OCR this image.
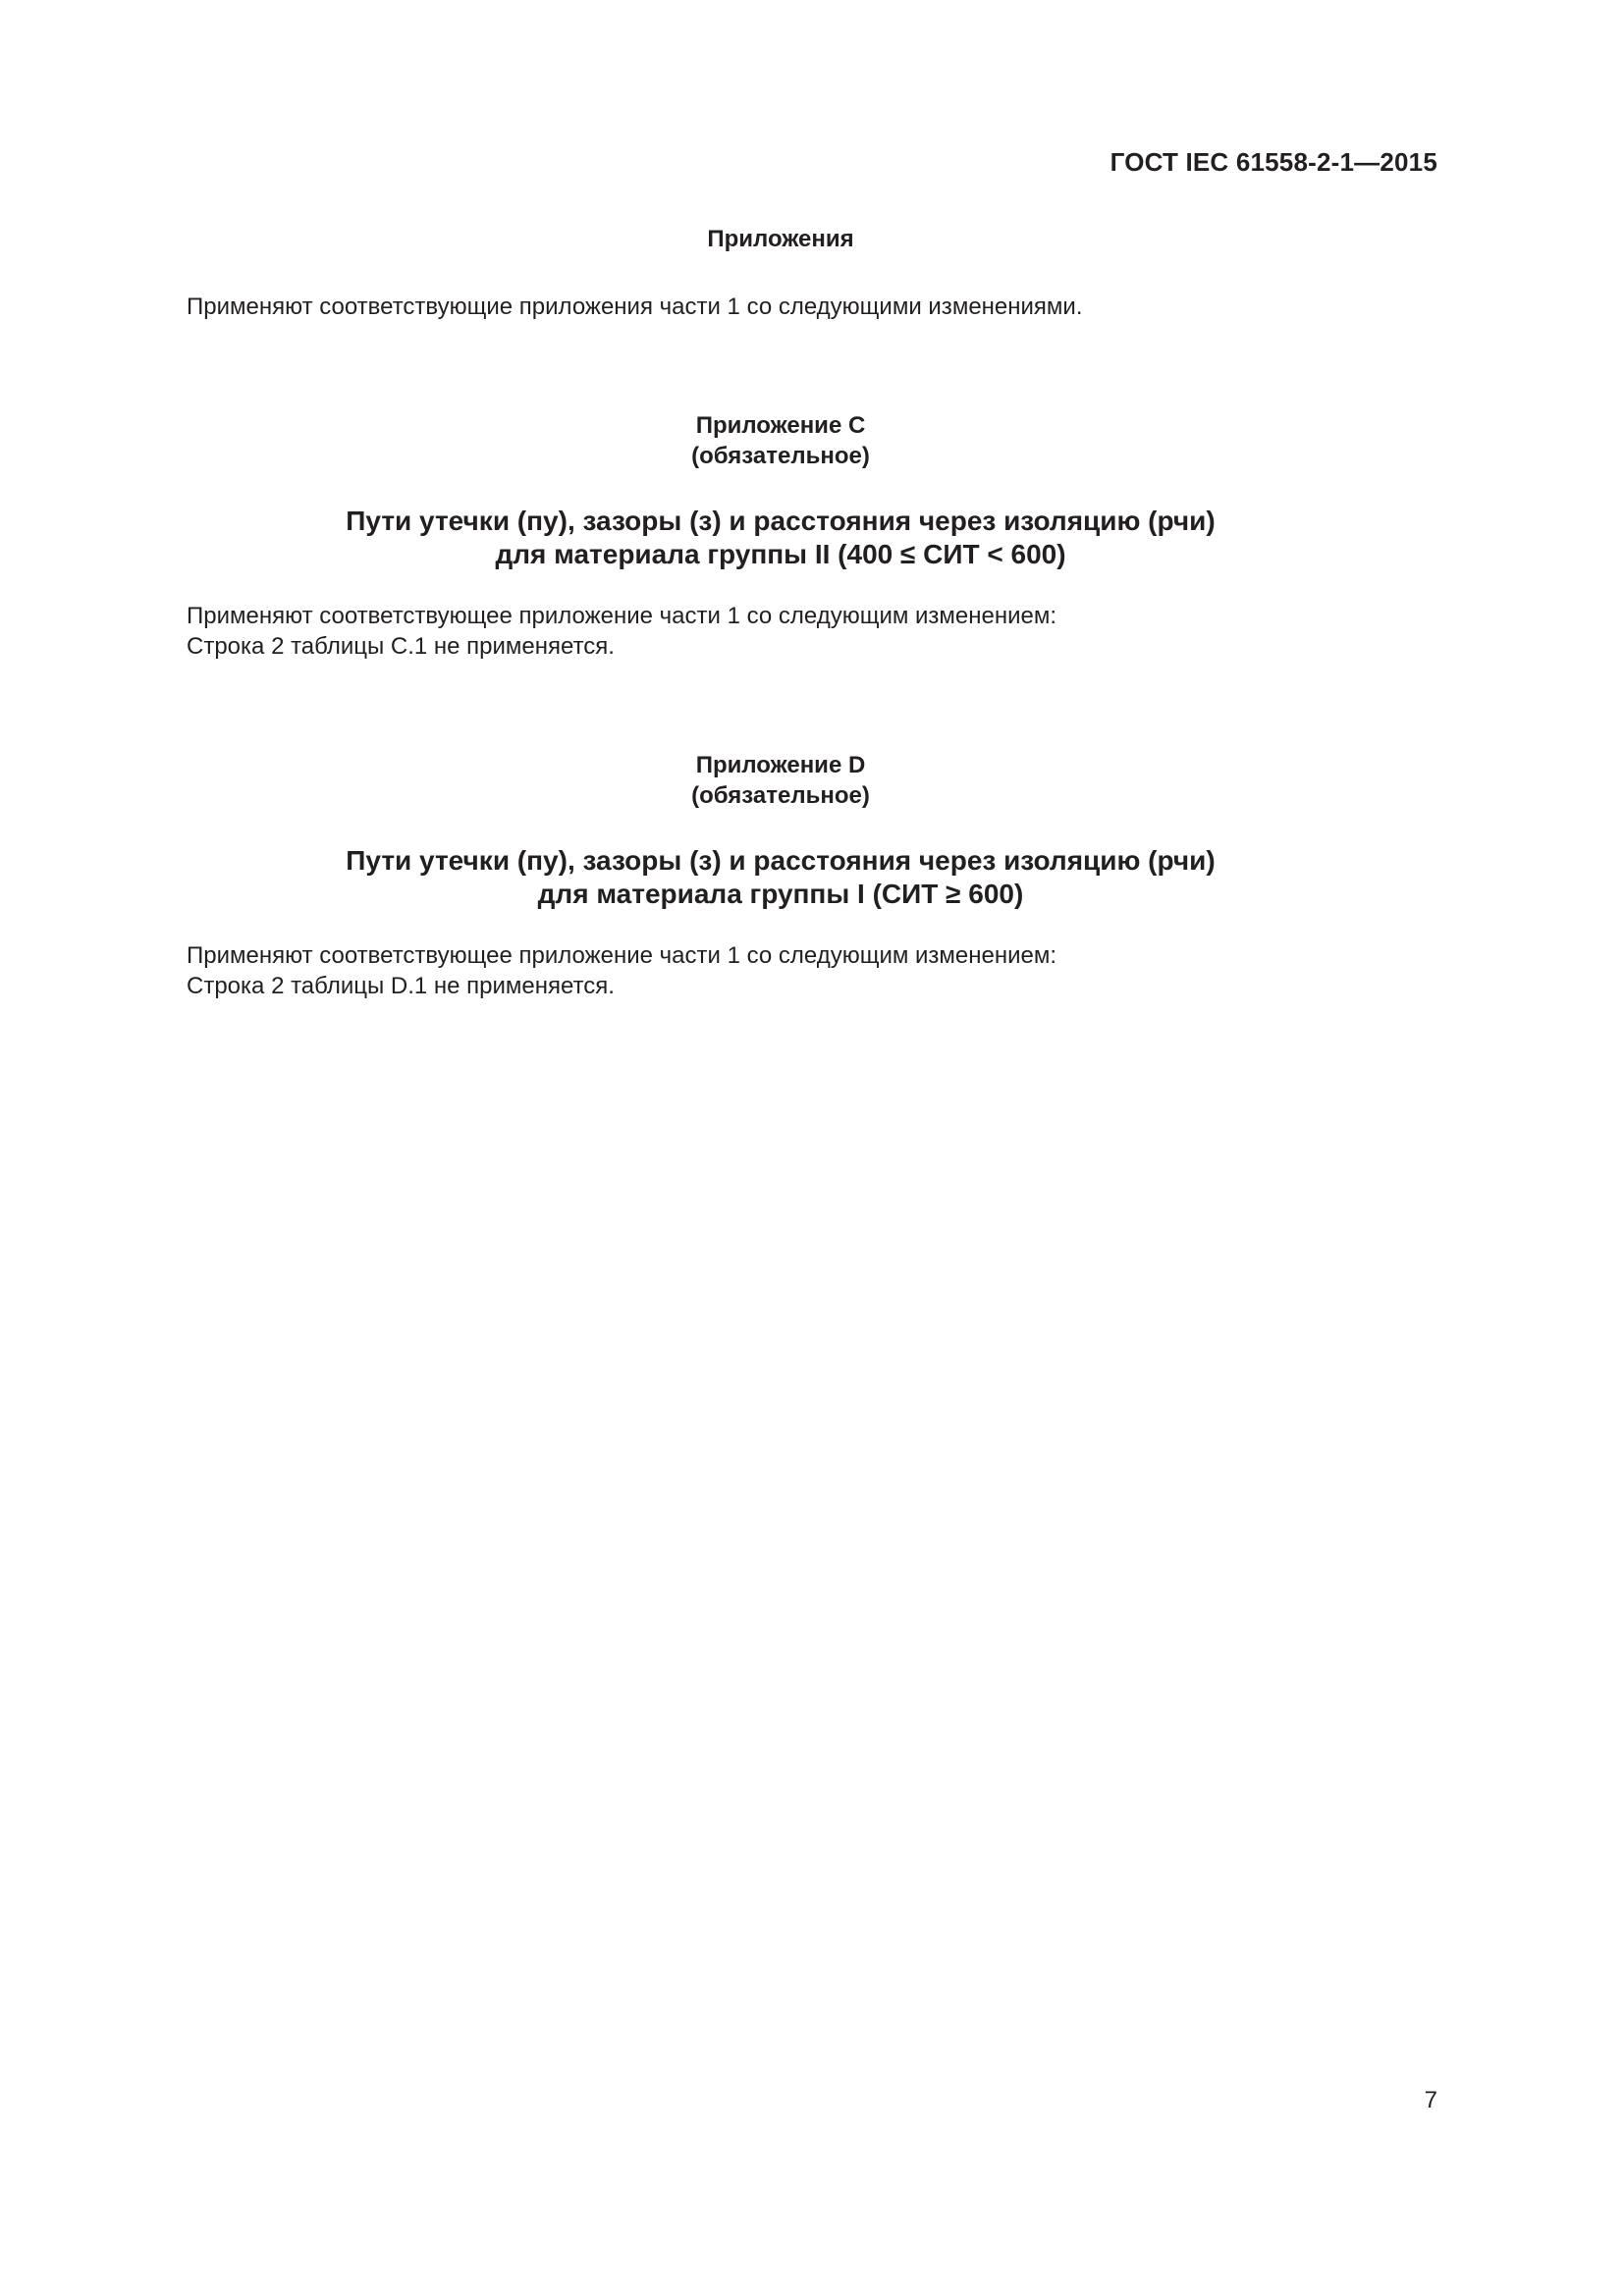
ГОСТ IEC 61558-2-1—2015
Приложения
Применяют соответствующие приложения части 1 со следующими изменениями.
Приложение С
(обязательное)
Пути утечки (пу), зазоры (з) и расстояния через изоляцию (рчи)
для материала группы II (400 ≤ СИТ < 600)
Применяют соответствующее приложение части 1 со следующим изменением:
Строка 2 таблицы С.1 не применяется.
Приложение D
(обязательное)
Пути утечки (пу), зазоры (з) и расстояния через изоляцию (рчи)
для материала группы I (СИТ ≥ 600)
Применяют соответствующее приложение части 1 со следующим изменением:
Строка 2 таблицы D.1 не применяется.
7
